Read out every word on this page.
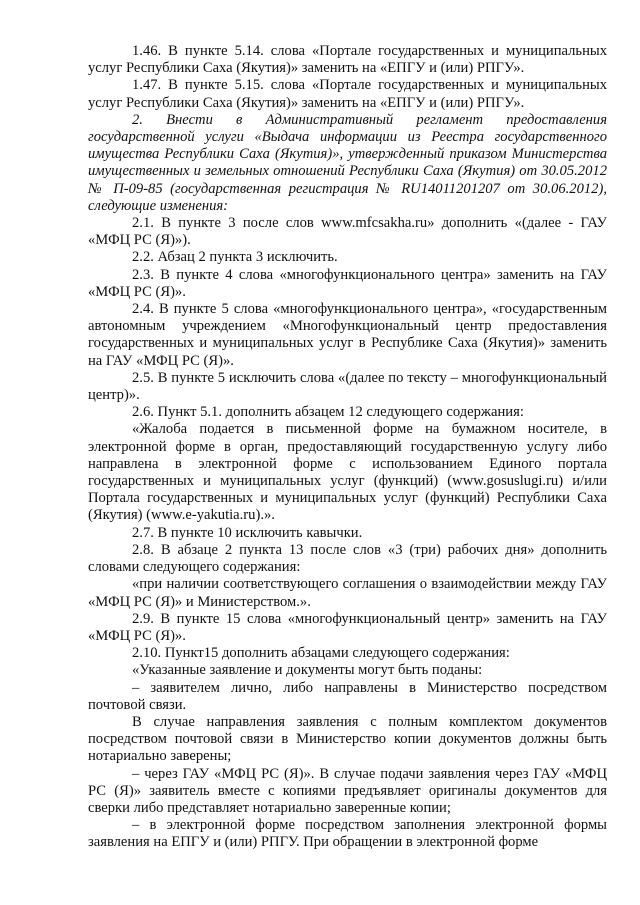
1.46. В пункте 5.14. слова «Портале государственных и муниципальных услуг Республики Саха (Якутия)» заменить на «ЕПГУ и (или) РПГУ».

1.47. В пункте 5.15. слова «Портале государственных и муниципальных услуг Республики Саха (Якутия)» заменить на «ЕПГУ и (или) РПГУ».

2. Внести в Административный регламент предоставления государственной услуги «Выдача информации из Реестра государственного имущества Республики Саха (Якутия)», утвержденный приказом Министерства имущественных и земельных отношений Республики Саха (Якутия) от 30.05.2012 № П-09-85 (государственная регистрация № RU14011201207 от 30.06.2012), следующие изменения:

2.1. В пункте 3 после слов www.mfcsakha.ru» дополнить «(далее - ГАУ «МФЦ РС (Я)»).

2.2. Абзац 2 пункта 3 исключить.

2.3. В пункте 4 слова «многофункционального центра» заменить на ГАУ «МФЦ РС (Я)».

2.4. В пункте 5 слова «многофункционального центра», «государственным автономным учреждением «Многофункциональный центр предоставления государственных и муниципальных услуг в Республике Саха (Якутия)» заменить на ГАУ «МФЦ РС (Я)».

2.5. В пункте 5 исключить слова «(далее по тексту – многофункциональный центр)».

2.6. Пункт 5.1. дополнить абзацем 12 следующего содержания:

«Жалоба подается в письменной форме на бумажном носителе, в электронной форме в орган, предоставляющий государственную услугу либо направлена в электронной форме с использованием Единого портала государственных и муниципальных услуг (функций) (www.gosuslugi.ru) и/или Портала государственных и муниципальных услуг (функций) Республики Саха (Якутия) (www.e-yakutia.ru).».

2.7. В пункте 10 исключить кавычки.

2.8. В абзаце 2 пункта 13 после слов «3 (три) рабочих дня» дополнить словами следующего содержания:

«при наличии соответствующего соглашения о взаимодействии между ГАУ «МФЦ РС (Я)» и Министерством.».

2.9. В пункте 15 слова «многофункциональный центр» заменить на ГАУ «МФЦ РС (Я)».

2.10. Пункт15 дополнить абзацами следующего содержания:

«Указанные заявление и документы могут быть поданы:

– заявителем лично, либо направлены в Министерство посредством почтовой связи.

В случае направления заявления с полным комплектом документов посредством почтовой связи в Министерство копии документов должны быть нотариально заверены;

– через ГАУ «МФЦ РС (Я)». В случае подачи заявления через ГАУ «МФЦ РС (Я)» заявитель вместе с копиями предъявляет оригиналы документов для сверки либо представляет нотариально заверенные копии;

– в электронной форме посредством заполнения электронной формы заявления на ЕПГУ и (или) РПГУ. При обращении в электронной форме
